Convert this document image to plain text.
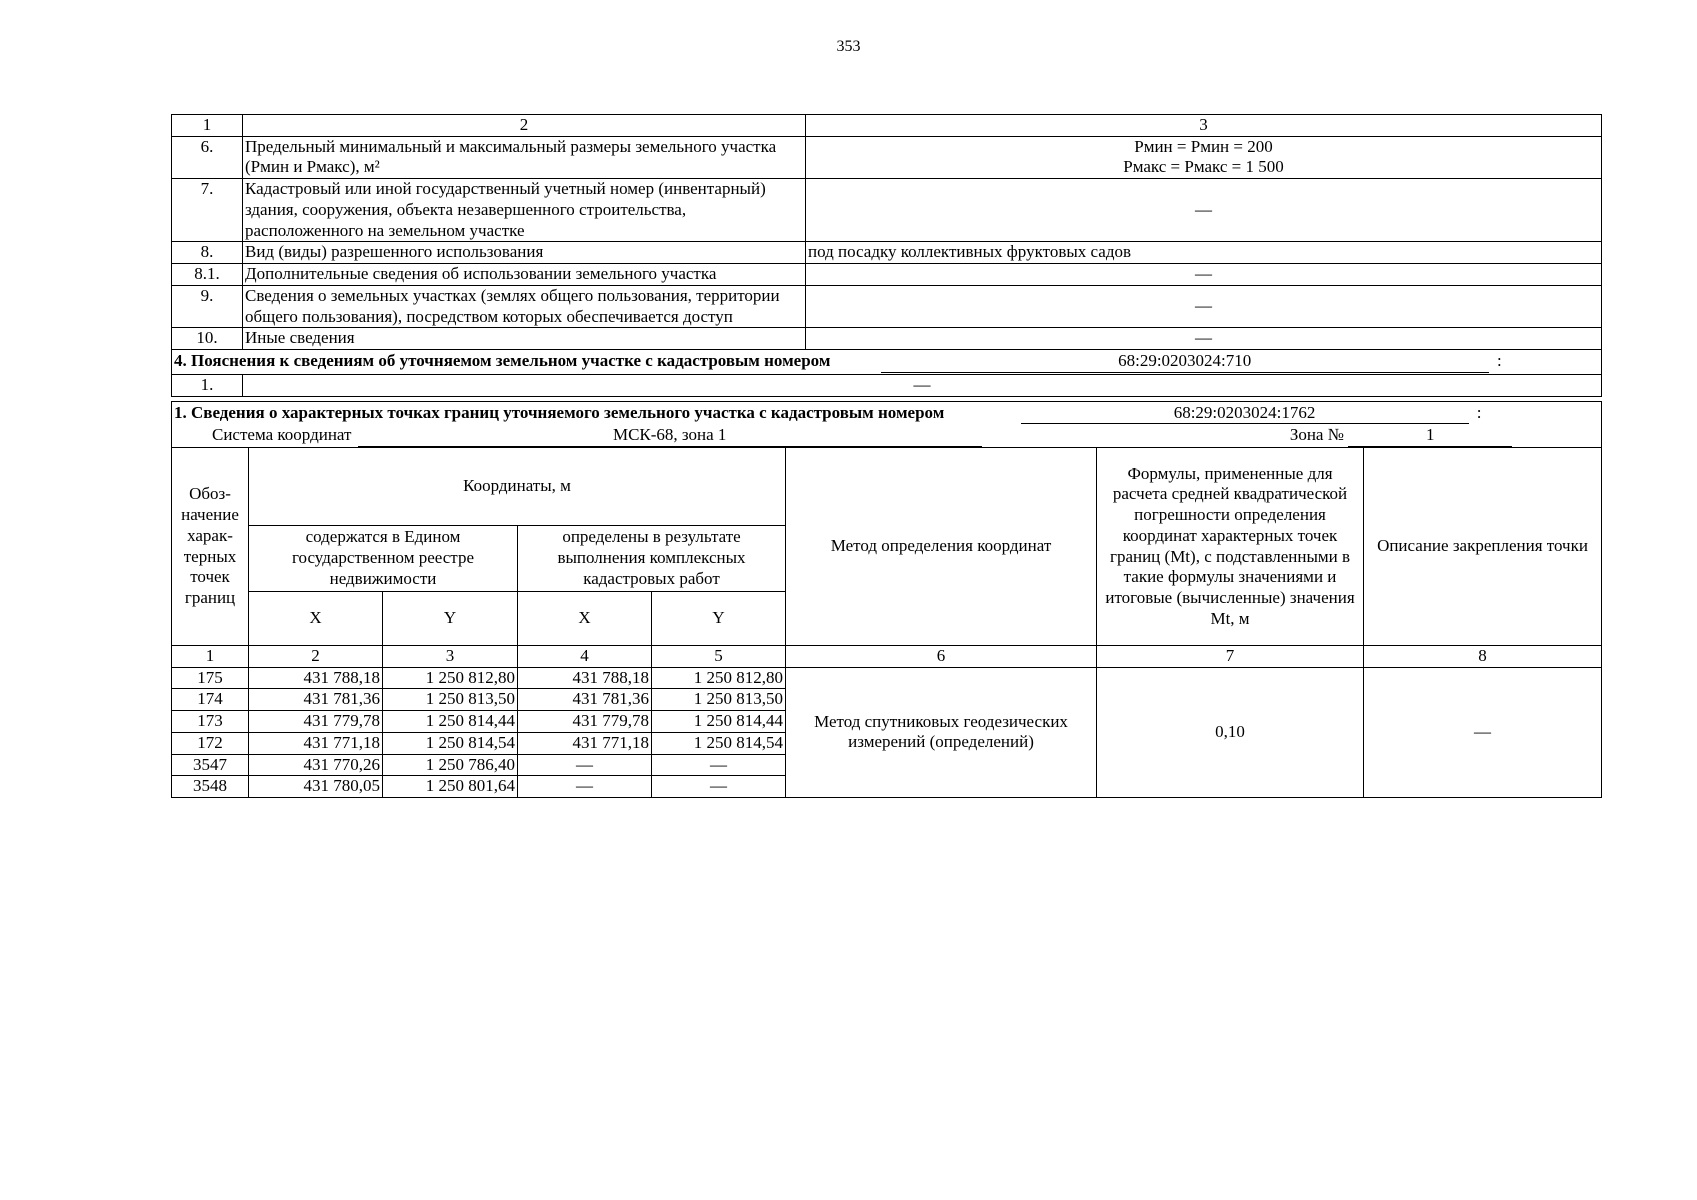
353
1	2	3
6.	Предельный минимальный и максимальный размеры земельного участка (Рмин и Рмакс), м²	Рмин = Рмин = 200
Рмакс = Рмакс = 1 500

7.	Кадастровый или иной государственный учетный номер (инвентарный) здания, сооружения, объекта незавершенного строительства, расположенного на земельном участке	—
8.	Вид (виды) разрешенного использования	под посадку коллективных фруктовых садов
8.1.	Дополнительные сведения об использовании земельного участка	—
9.	Сведения о земельных участках (землях общего пользования, территории общего пользования), посредством которых обеспечивается доступ	—
10.	Иные сведения	—
4. Пояснения к сведениям об уточняемом земельном участке с кадастровым номером 68:29:0203024:710 :		
1.	—	

1. Сведения о характерных точках границ уточняемого земельного участка с кадастровым номером 68:29:0203024:1762 :		
Система координат МСК-68, зона 1 Зона № 1		
Обоз-начение харак-терных точек границ	Координаты, м				Метод определения координат	Формулы, примененные для расчета средней квадратической погрешности определения координат характерных точек границ (Mt), с подставленными в такие формулы значениями и итоговые (вычисленные) значения Mt, м	Описание закрепления точки
	содержатся в Едином государственном реестре недвижимости		определены в результате выполнения комплексных кадастровых работ				
	X	Y	X	Y			
1	2	3	4	5	6	7	8
175	431 788,18	1 250 812,80	431 788,18	1 250 812,80	Метод спутниковых геодезических измерений (определений)	0,10	—
174	431 781,36	1 250 813,50	431 781,36	1 250 813,50			
173	431 779,78	1 250 814,44	431 779,78	1 250 814,44			
172	431 771,18	1 250 814,54	431 771,18	1 250 814,54			
3547	431 770,26	1 250 786,40	—	—			
3548	431 780,05	1 250 801,64	—	—			
